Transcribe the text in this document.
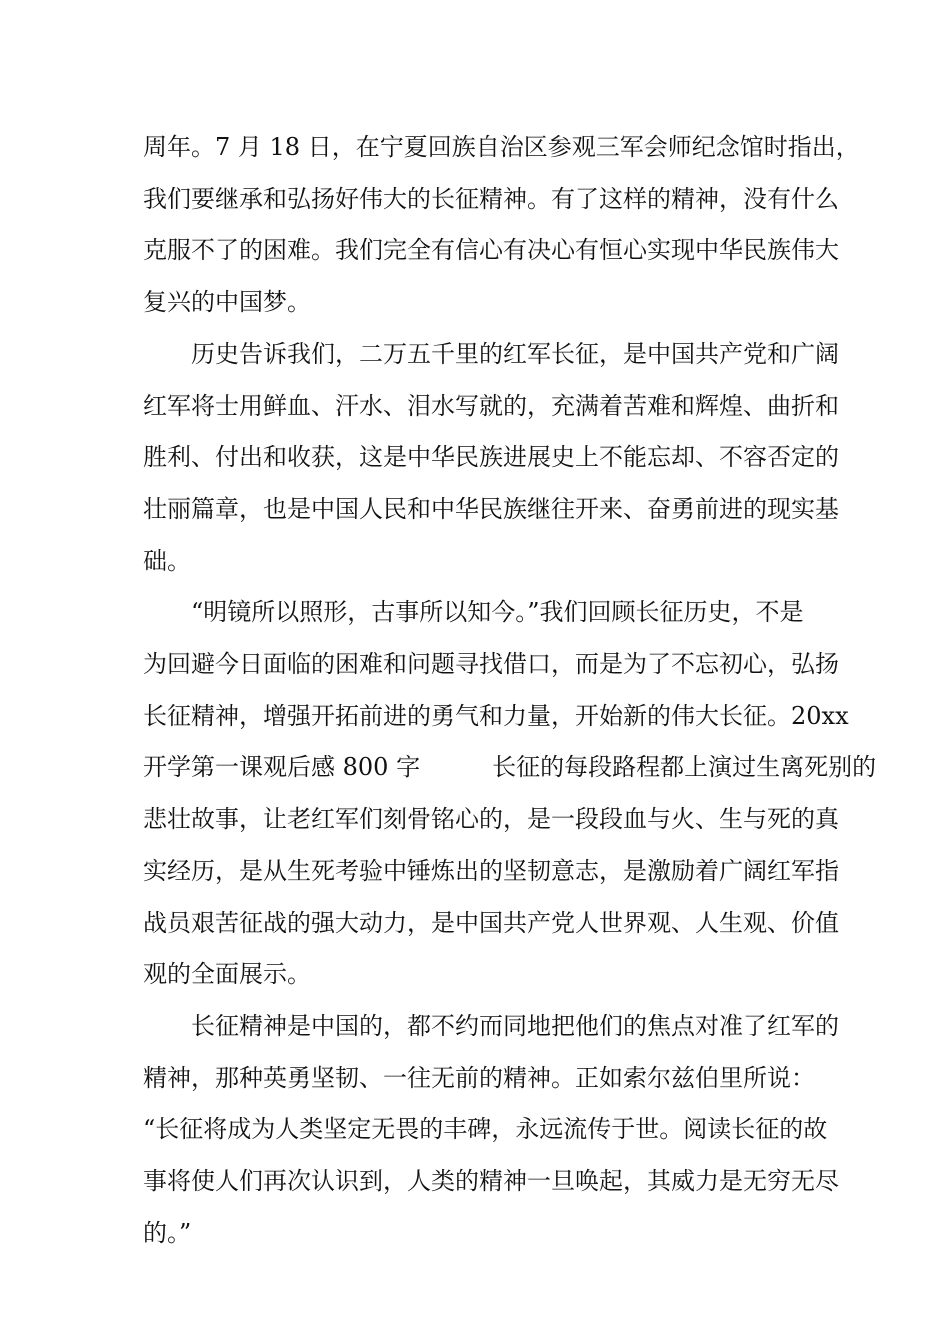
周年。7 月 18 日，在宁夏回族自治区参观三军会师纪念馆时指出，
我们要继承和弘扬好伟大的长征精神。有了这样的精神，没有什么
克服不了的困难。我们完全有信心有决心有恒心实现中华民族伟大
复兴的中国梦。

　　历史告诉我们，二万五千里的红军长征，是中国共产党和广阔
红军将士用鲜血、汗水、泪水写就的，充满着苦难和辉煌、曲折和
胜利、付出和收获，这是中华民族进展史上不能忘却、不容否定的
壮丽篇章，也是中国人民和中华民族继往开来、奋勇前进的现实基
础。

　　“明镜所以照形，古事所以知今。”我们回顾长征历史，不是
为回避今日面临的困难和问题寻找借口，而是为了不忘初心，弘扬
长征精神，增强开拓前进的勇气和力量，开始新的伟大长征。20xx
开学第一课观后感 800 字　　　长征的每段路程都上演过生离死别的
悲壮故事，让老红军们刻骨铭心的，是一段段血与火、生与死的真
实经历，是从生死考验中锤炼出的坚韧意志，是激励着广阔红军指
战员艰苦征战的强大动力，是中国共产党人世界观、人生观、价值
观的全面展示。

　　长征精神是中国的，都不约而同地把他们的焦点对准了红军的
精神，那种英勇坚韧、一往无前的精神。正如索尔兹伯里所说：
“长征将成为人类坚定无畏的丰碑，永远流传于世。阅读长征的故
事将使人们再次认识到，人类的精神一旦唤起，其威力是无穷无尽
的。”
